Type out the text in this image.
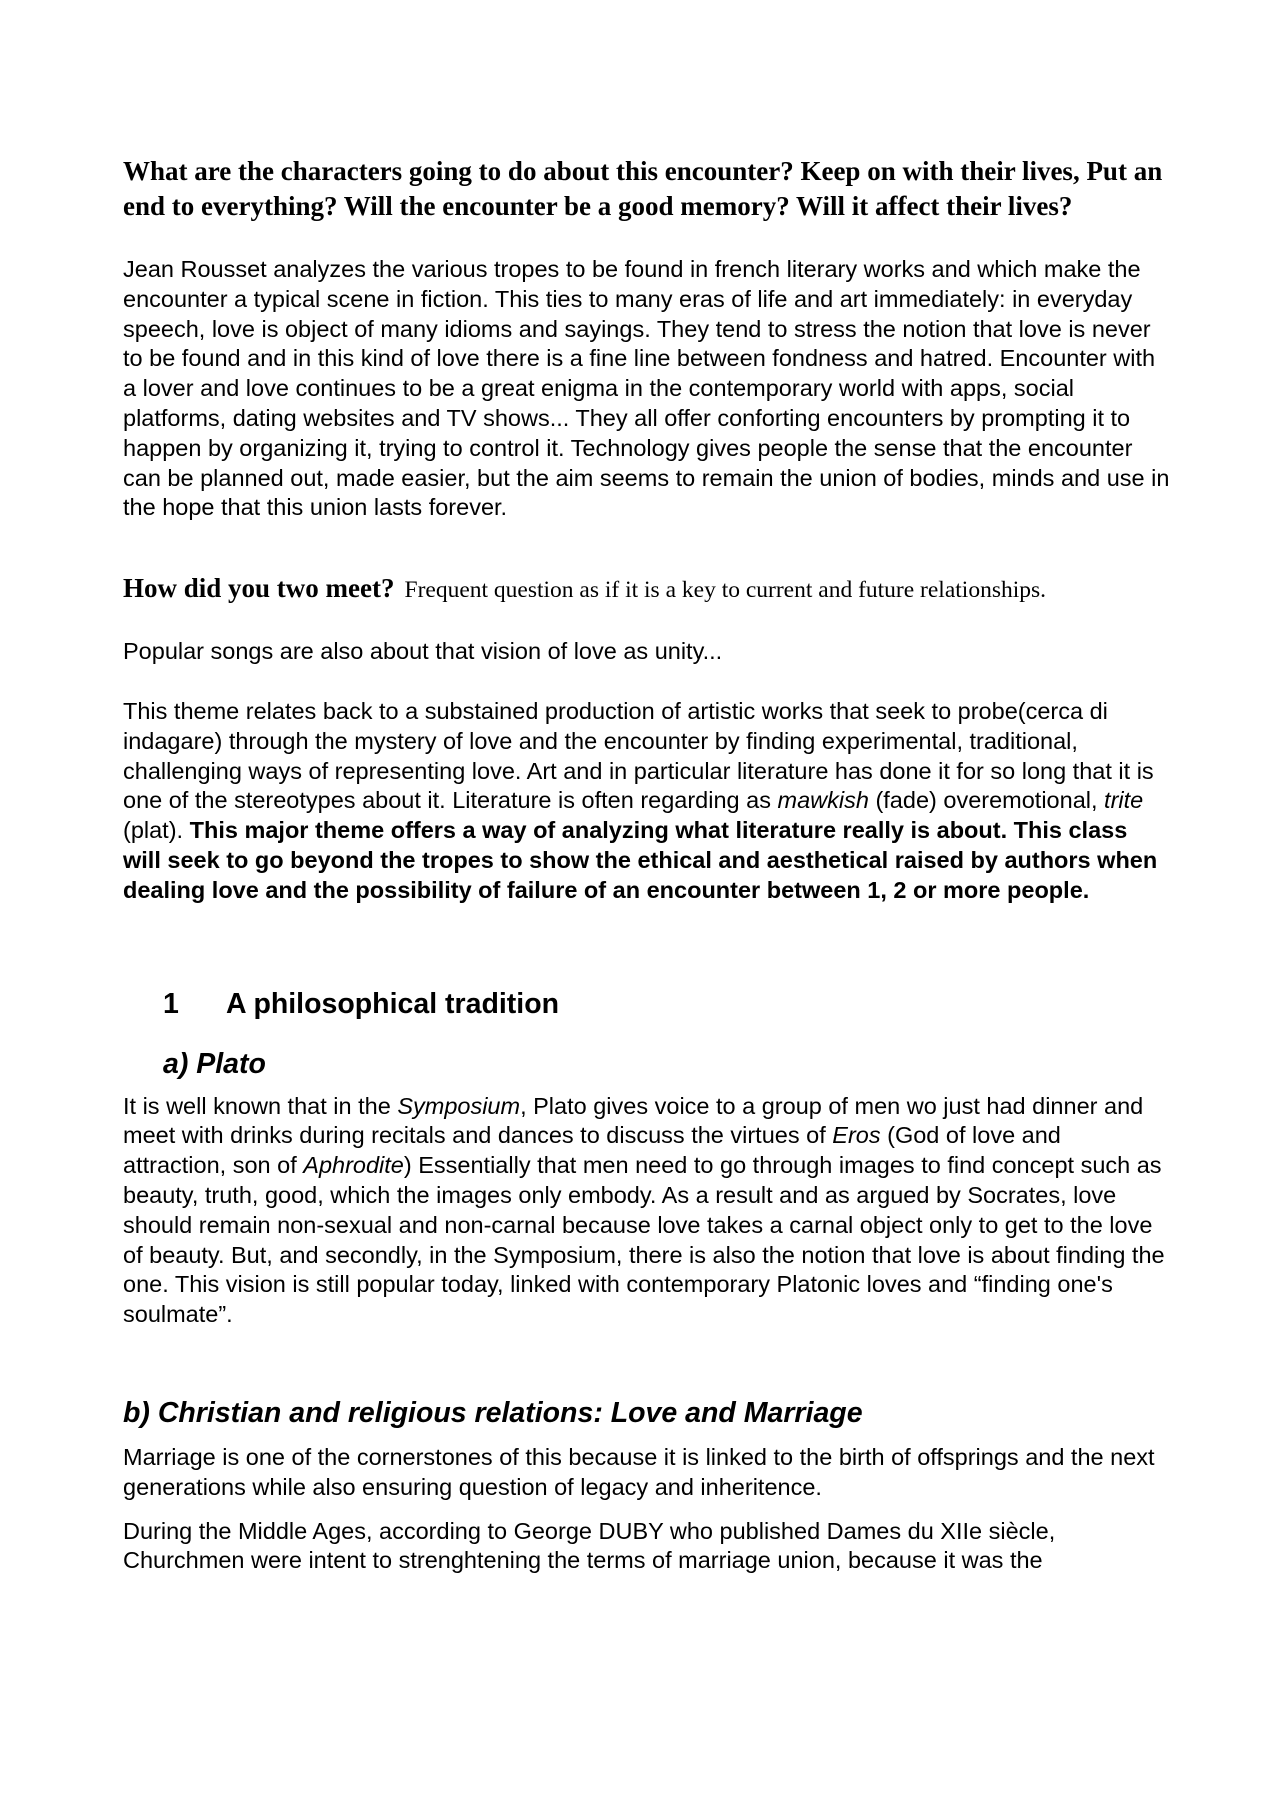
What are the characters going to do about this encounter? Keep on with their lives, Put an end to everything? Will the encounter be a good memory? Will it affect their lives?

Jean Rousset analyzes the various tropes to be found in french literary works and which make the encounter a typical scene in fiction. This ties to many eras of life and art immediately: in everyday speech, love is object of many idioms and sayings. They tend to stress the notion that love is never to be found and in this kind of love there is a fine line between fondness and hatred. Encounter with a lover and love continues to be a great enigma in the contemporary world with apps, social platforms, dating websites and TV shows... They all offer conforting encounters by prompting it to happen by organizing it, trying to control it. Technology gives people the sense that the encounter can be planned out, made easier, but the aim seems to remain the union of bodies, minds and use in the hope that this union lasts forever.

How did you two meet? Frequent question as if it is a key to current and future relationships.

Popular songs are also about that vision of love as unity...

This theme relates back to a substained production of artistic works that seek to probe(cerca di indagare) through the mystery of love and the encounter by finding experimental, traditional, challenging ways of representing love. Art and in particular literature has done it for so long that it is one of the stereotypes about it. Literature is often regarding as mawkish (fade) overemotional, trite (plat). This major theme offers a way of analyzing what literature really is about. This class will seek to go beyond the tropes to show the ethical and aesthetical raised by authors when dealing love and the possibility of failure of an encounter between 1, 2 or more people.

1 A philosophical tradition
a) Plato

It is well known that in the Symposium, Plato gives voice to a group of men wo just had dinner and meet with drinks during recitals and dances to discuss the virtues of Eros (God of love and attraction, son of Aphrodite) Essentially that men need to go through images to find concept such as beauty, truth, good, which the images only embody. As a result and as argued by Socrates, love should remain non-sexual and non-carnal because love takes a carnal object only to get to the love of beauty. But, and secondly, in the Symposium, there is also the notion that love is about finding the one. This vision is still popular today, linked with contemporary Platonic loves and “finding one's soulmate”.

b) Christian and religious relations: Love and Marriage

Marriage is one of the cornerstones of this because it is linked to the birth of offsprings and the next generations while also ensuring question of legacy and inheritence.

During the Middle Ages, according to George DUBY who published Dames du XIIe siècle, Churchmen were intent to strenghtening the terms of marriage union, because it was the
